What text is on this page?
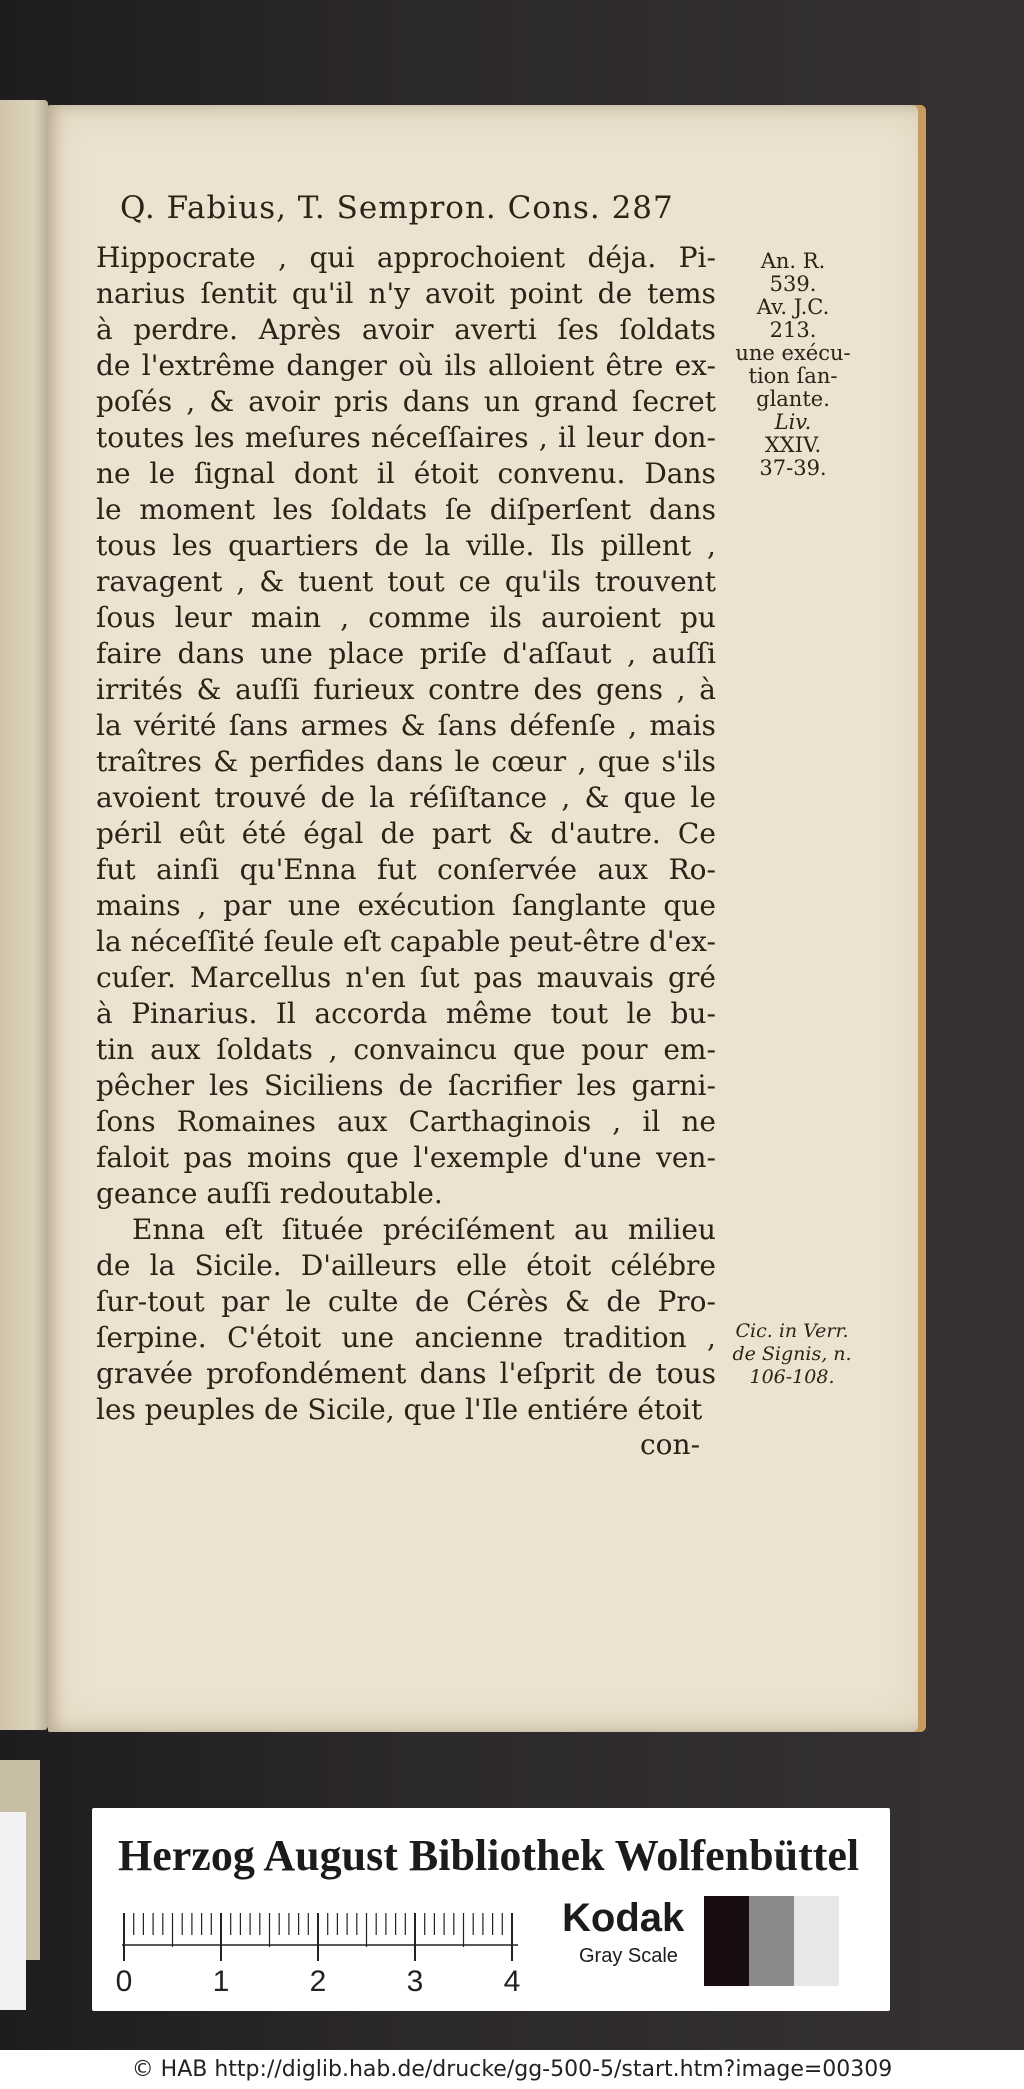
Q. Fabius, T. Sempron. Cons. 287
Hippocrate , qui approchoient déja. Pi-
narius ſentit qu'il n'y avoit point de tems
à perdre. Après avoir averti ſes ſoldats
de l'extrême danger où ils alloient être ex-
poſés , & avoir pris dans un grand ſecret
toutes les meſures néceſſaires , il leur don-
ne le ſignal dont il étoit convenu. Dans
le moment les ſoldats ſe diſperſent dans
tous les quartiers de la ville. Ils pillent ,
ravagent , & tuent tout ce qu'ils trouvent
ſous leur main , comme ils auroient pu
faire dans une place priſe d'aſſaut , auſſi
irrités & auſſi furieux contre des gens , à
la vérité ſans armes & ſans défenſe , mais
traîtres & perfides dans le cœur , que s'ils
avoient trouvé de la réſiſtance , & que le
péril eût été égal de part & d'autre. Ce
fut ainſi qu'Enna fut conſervée aux Ro-
mains , par une exécution ſanglante que
la néceſſité ſeule eſt capable peut-être d'ex-
cuſer. Marcellus n'en ſut pas mauvais gré
à Pinarius. Il accorda même tout le bu-
tin aux ſoldats , convaincu que pour em-
pêcher les Siciliens de ſacrifier les garni-
ſons Romaines aux Carthaginois , il ne
faloit pas moins que l'exemple d'une ven-
geance auſſi redoutable.
Enna eſt ſituée préciſément au milieu
de la Sicile. D'ailleurs elle étoit célébre
ſur-tout par le culte de Cérès & de Pro-
ſerpine. C'étoit une ancienne tradition ,
gravée profondément dans l'eſprit de tous
les peuples de Sicile, que l'Ile entiére étoit
con-
An. R.
539.
Av. J.C.
213.
une exécu-
tion ſan-
glante.
Liv.
XXIV.
37-39.
Cic. in Verr.
de Signis, n.
106-108.
Herzog August Bibliothek Wolfenbüttel
0	1	2	3	4
Kodak
Gray Scale
© HAB http://diglib.hab.de/drucke/gg-500-5/start.htm?image=00309
